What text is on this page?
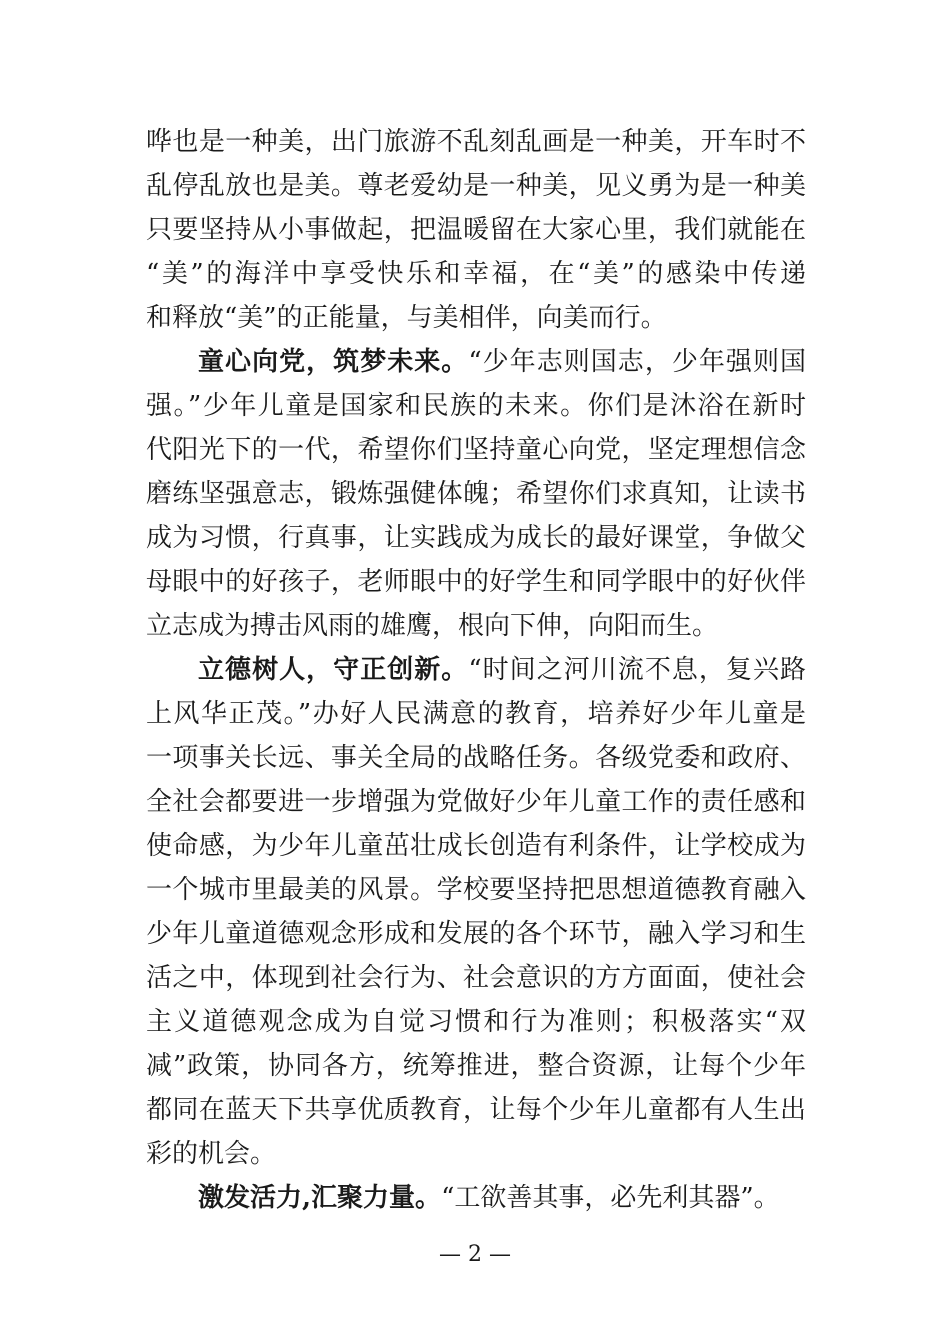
哗也是一种美，出门旅游不乱刻乱画是一种美，开车时不
乱停乱放也是美。尊老爱幼是一种美，见义勇为是一种美
只要坚持从小事做起，把温暖留在大家心里，我们就能在
“美”的海洋中享受快乐和幸福，在“美”的感染中传递
和释放“美”的正能量，与美相伴，向美而行。
童心向党，筑梦未来。“少年志则国志，少年强则国
强。”少年儿童是国家和民族的未来。你们是沐浴在新时
代阳光下的一代，希望你们坚持童心向党，坚定理想信念
磨练坚强意志，锻炼强健体魄；希望你们求真知，让读书
成为习惯，行真事，让实践成为成长的最好课堂，争做父
母眼中的好孩子，老师眼中的好学生和同学眼中的好伙伴
立志成为搏击风雨的雄鹰，根向下伸，向阳而生。
立德树人，守正创新。“时间之河川流不息，复兴路
上风华正茂。”办好人民满意的教育，培养好少年儿童是
一项事关长远、事关全局的战略任务。各级党委和政府、
全社会都要进一步增强为党做好少年儿童工作的责任感和
使命感，为少年儿童茁壮成长创造有利条件，让学校成为
一个城市里最美的风景。学校要坚持把思想道德教育融入
少年儿童道德观念形成和发展的各个环节，融入学习和生
活之中，体现到社会行为、社会意识的方方面面，使社会
主义道德观念成为自觉习惯和行为准则；积极落实“双
减”政策，协同各方，统筹推进，整合资源，让每个少年
都同在蓝天下共享优质教育，让每个少年儿童都有人生出
彩的机会。
激发活力,汇聚力量。“工欲善其事，必先利其器”。
— 2 —
